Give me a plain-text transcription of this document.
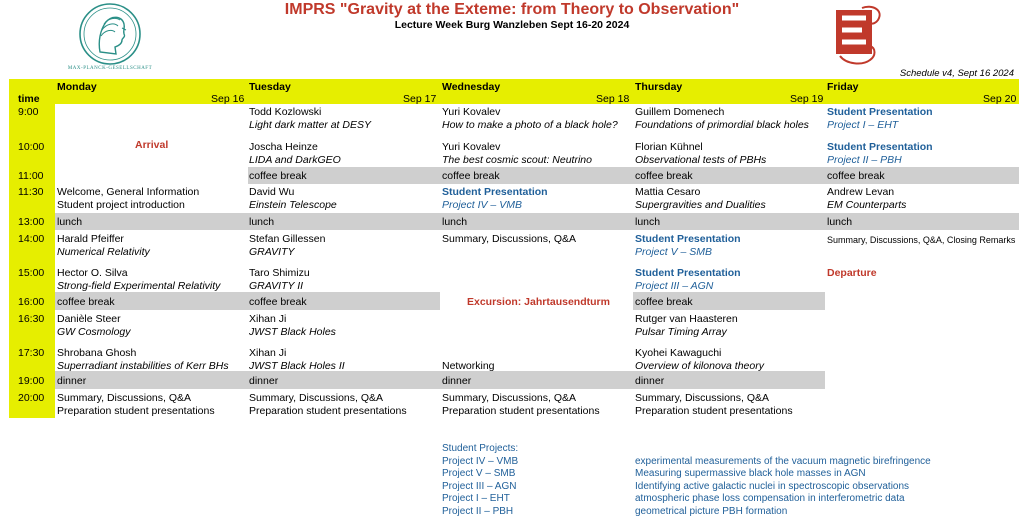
MAX-PLANCK-GESELLSCHAFT
IMPRS "Gravity at the Exteme: from Theory to Observation"
Lecture Week Burg Wanzleben Sept 16-20 2024
Schedule v4, Sept 16 2024
time
Monday
Sep 16
Tuesday
Sep 17
Wednesday
Sep 18
Thursday
Sep 19
Friday
Sep 20
9:00
10:00
11:00
11:30
13:00
14:00
15:00
16:00
16:30
17:30
19:00
20:00
Arrival
Welcome, General Information
Student project introduction
lunch
Harald Pfeiffer
Numerical Relativity
Hector O. Silva
Strong-field Experimental Relativity
coffee break
Danièle Steer
GW Cosmology
Shrobana Ghosh
Superradiant instabilities of Kerr BHs
dinner
Summary, Discussions, Q&A
Preparation student presentations
Todd Kozlowski
Light dark matter at DESY
Joscha Heinze
LIDA and DarkGEO
coffee break
David Wu
Einstein Telescope
lunch
Stefan Gillessen
GRAVITY
Taro Shimizu
GRAVITY II
coffee break
Xihan Ji
JWST Black Holes
Xihan Ji
JWST Black Holes II
dinner
Summary, Discussions, Q&A
Preparation student presentations
Yuri Kovalev
How to make a photo of a black hole?
Yuri Kovalev
The best cosmic scout: Neutrino
coffee break
Student Presentation
Project IV – VMB
lunch
Summary, Discussions, Q&A
Excursion: Jahrtausendturm
Networking
dinner
Summary, Discussions, Q&A
Preparation student presentations
Guillem Domenech
Foundations of primordial black holes
Florian Kühnel
Observational tests of PBHs
coffee break
Mattia Cesaro
Supergravities and Dualities
lunch
Student Presentation
Project V – SMB
Student Presentation
Project III – AGN
coffee break
Rutger van Haasteren
Pulsar Timing Array
Kyohei Kawaguchi
Overview of kilonova theory
dinner
Summary, Discussions, Q&A
Preparation student presentations
Student Presentation
Project I – EHT
Student Presentation
Project II – PBH
coffee break
Andrew Levan
EM Counterparts
lunch
Summary, Discussions, Q&A, Closing Remarks
Departure
Student Projects:
Project IV – VMB
Project V – SMB
Project III – AGN
Project I – EHT
Project II – PBH
experimental measurements of the vacuum magnetic birefringence
Measuring supermassive black hole masses in AGN
Identifying active galactic nuclei in spectroscopic observations
atmospheric phase loss compensation in interferometric data
geometrical picture PBH formation
